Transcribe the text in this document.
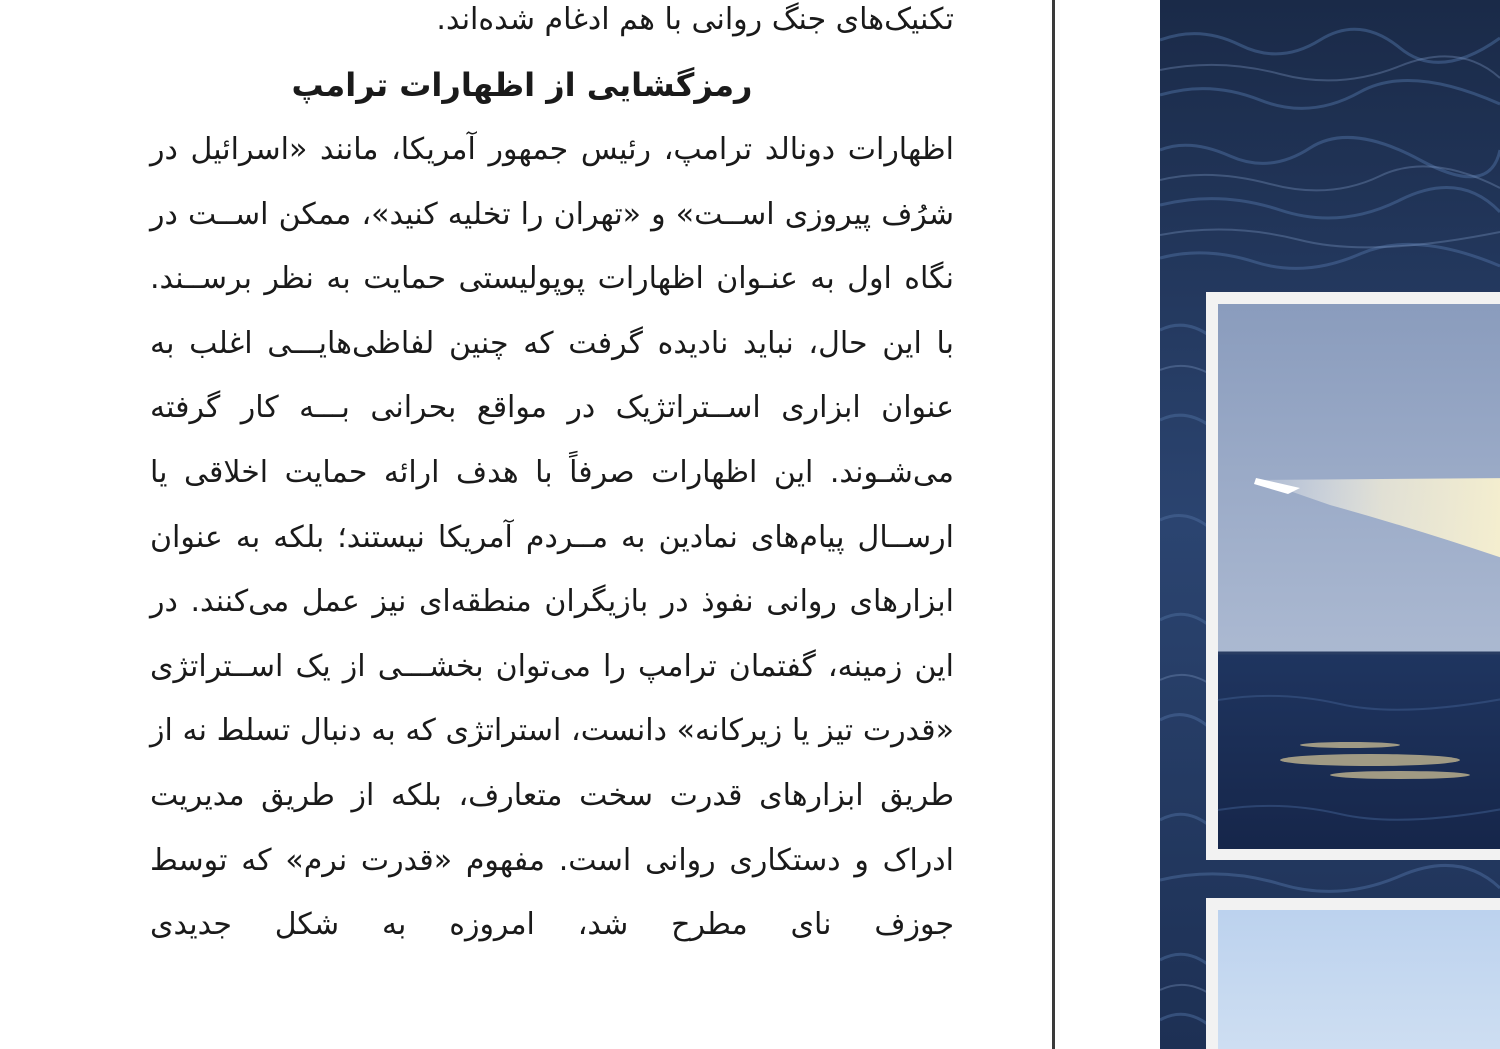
تکنیک‌های جنگ روانی با هم ادغام شده‌اند.

رمزگشایی از اظهارات ترامپ

اظهارات دونالد ترامپ، رئیس جمهور آمریکا، مانند «اسرائیل در شرُف پیروزی اســت» و «تهران را تخلیه کنید»، ممکن اســت در نگاه اول به عنـوان اظهارات پوپولیستی حمایت به نظر برســند. با این حال، نباید نادیده گرفت که چنین لفاظی‌هایـــی اغلب به عنوان ابزاری اســتراتژیک در مواقع بحرانی بـــه کار گرفته می‌شـوند. این اظهارات صرفاً با هدف ارائه حمایت اخلاقی یا ارســال پیام‌های نمادین به مــردم آمریکا نیستند؛ بلکه به عنوان ابزارهای روانی نفوذ در بازیگران منطقه‌ای نیز عمل می‌کنند. در این زمینه، گفتمان ترامپ را می‌توان بخشـــی از یک اســتراتژی «قدرت تیز یا زیرکانه» دانست، استراتژی که به دنبال تسلط نه از طریق ابزارهای قدرت سخت متعارف، بلکه از طریق مدیریت ادراک و دستکاری روانی است. مفهوم «قدرت نرم» که توسط جوزف نای مطرح شد، امروزه به شکل جدیدی
